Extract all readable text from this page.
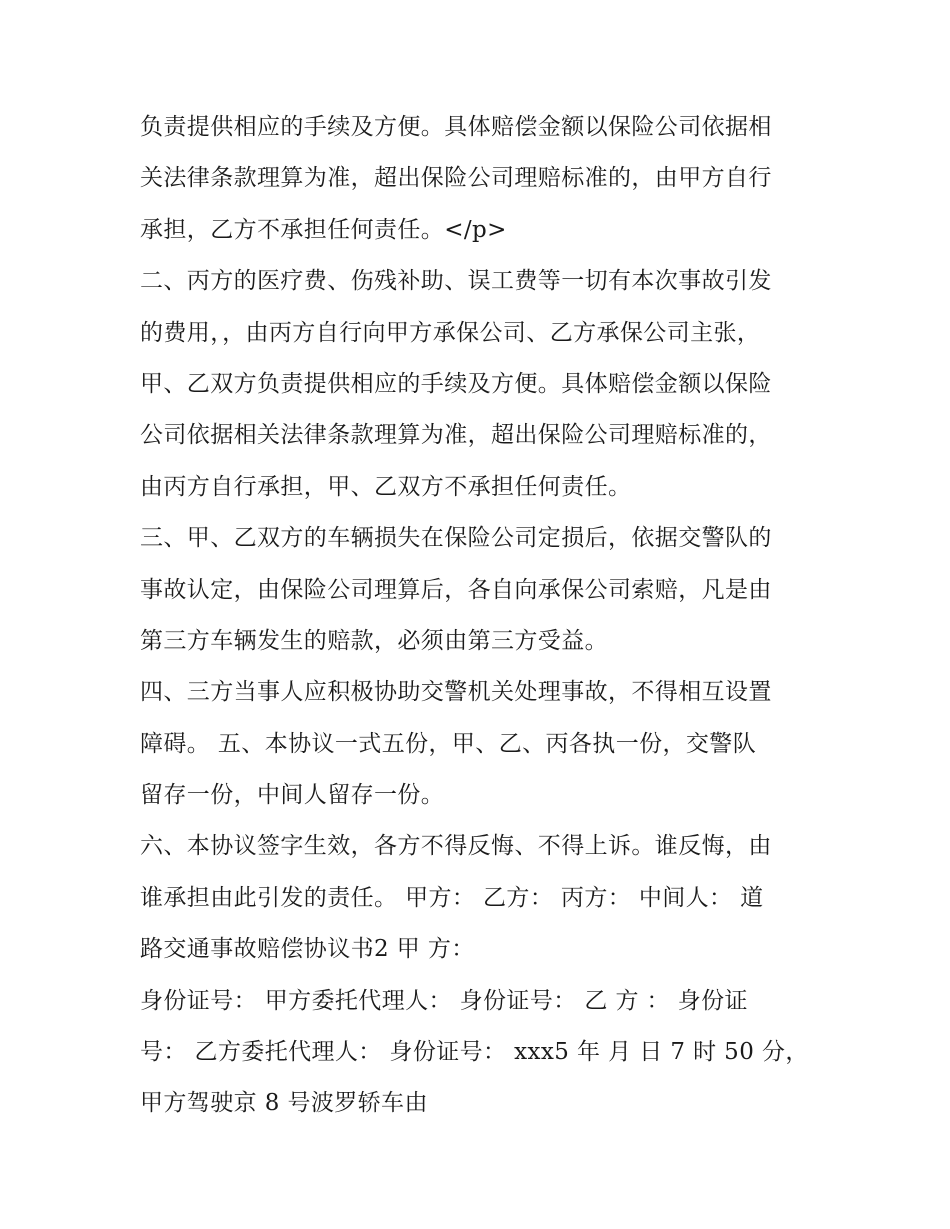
负责提供相应的手续及方便。具体赔偿金额以保险公司依据相
关法律条款理算为准，超出保险公司理赔标准的，由甲方自行
承担，乙方不承担任何责任。</p>
二、丙方的医疗费、伤残补助、误工费等一切有本次事故引发
的费用，，由丙方自行向甲方承保公司、乙方承保公司主张，
甲、乙双方负责提供相应的手续及方便。具体赔偿金额以保险
公司依据相关法律条款理算为准，超出保险公司理赔标准的，
由丙方自行承担，甲、乙双方不承担任何责任。
三、甲、乙双方的车辆损失在保险公司定损后，依据交警队的
事故认定，由保险公司理算后，各自向承保公司索赔，凡是由
第三方车辆发生的赔款，必须由第三方受益。
四、三方当事人应积极协助交警机关处理事故，不得相互设置
障碍。 五、本协议一式五份，甲、乙、丙各执一份，交警队
留存一份，中间人留存一份。
六、本协议签字生效，各方不得反悔、不得上诉。谁反悔，由
谁承担由此引发的责任。 甲方： 乙方： 丙方： 中间人： 道
路交通事故赔偿协议书2 甲 方：
身份证号： 甲方委托代理人： 身份证号： 乙 方 ： 身份证
号： 乙方委托代理人： 身份证号： xxx5 年 月 日 7 时 50 分，
甲方驾驶京 8 号波罗轿车由
